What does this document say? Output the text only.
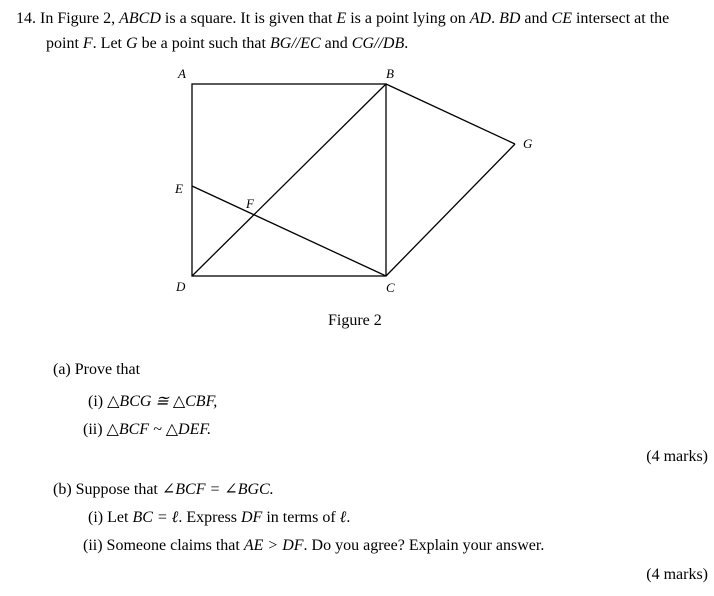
14. In Figure 2, ABCD is a square. It is given that E is a point lying on AD. BD and CE intersect at the
point F. Let G be a point such that BG//EC and CG//DB.
A	B
C
D
E
F
G
Figure 2
(a) Prove that
(i) △BCG ≅ △CBF,
(ii) △BCF ~ △DEF.
(4 marks)
(b) Suppose that ∠BCF = ∠BGC.
(i) Let BC = ℓ. Express DF in terms of ℓ.
(ii) Someone claims that AE > DF. Do you agree? Explain your answer.
(4 marks)
